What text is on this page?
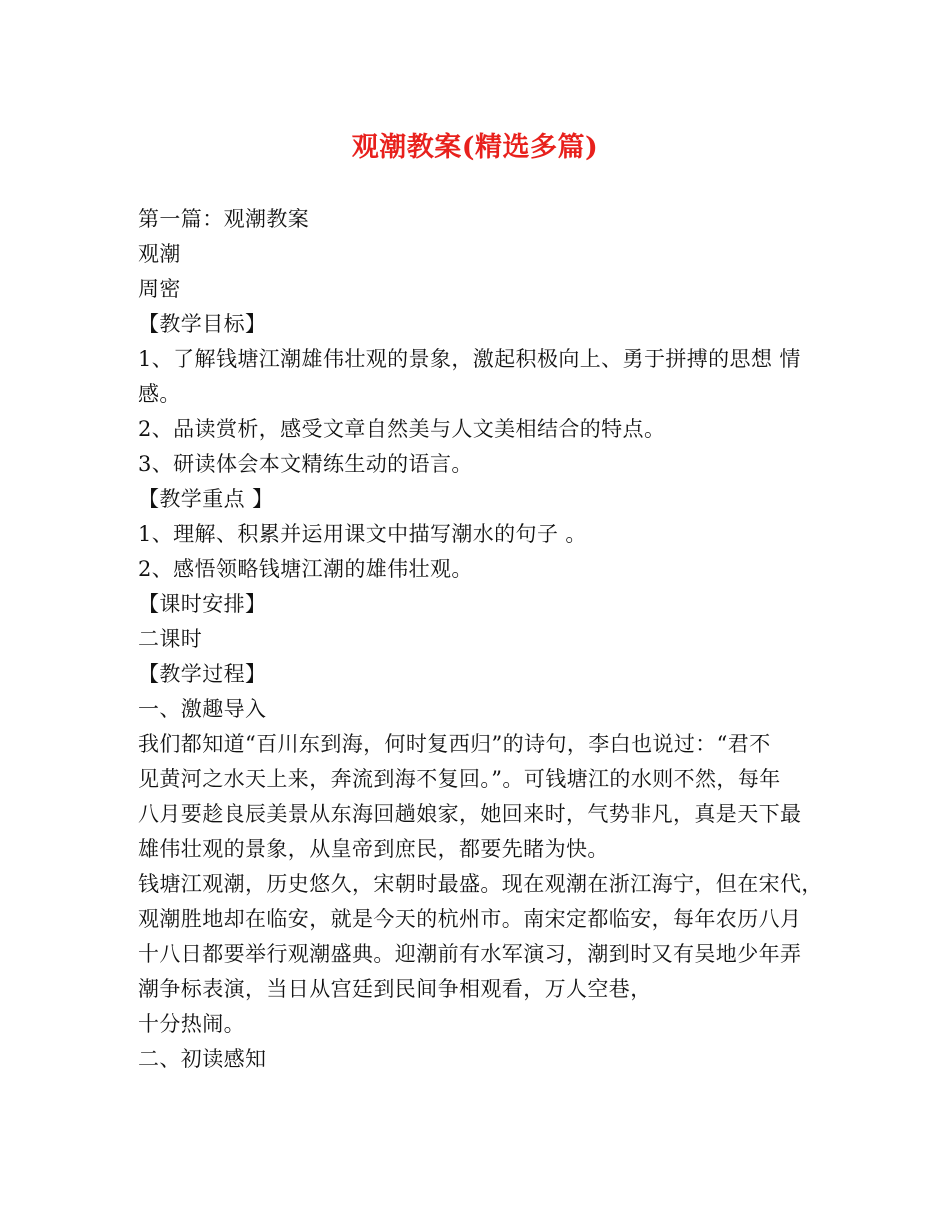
观潮教案(精选多篇)
第一篇：观潮教案
观潮
周密
【教学目标】
1、了解钱塘江潮雄伟壮观的景象，激起积极向上、勇于拼搏的思想 情
感。
2、品读赏析，感受文章自然美与人文美相结合的特点。
3、研读体会本文精练生动的语言。
【教学重点 】
1、理解、积累并运用课文中描写潮水的句子 。
2、感悟领略钱塘江潮的雄伟壮观。
【课时安排】
二课时
【教学过程】
一、激趣导入
我们都知道“百川东到海，何时复西归”的诗句，李白也说过：“君不
见黄河之水天上来，奔流到海不复回。”。可钱塘江的水则不然，每年
八月要趁良辰美景从东海回趟娘家，她回来时，气势非凡，真是天下最
雄伟壮观的景象，从皇帝到庶民，都要先睹为快。
钱塘江观潮，历史悠久，宋朝时最盛。现在观潮在浙江海宁，但在宋代，
观潮胜地却在临安，就是今天的杭州市。南宋定都临安，每年农历八月
十八日都要举行观潮盛典。迎潮前有水军演习，潮到时又有吴地少年弄
潮争标表演，当日从宫廷到民间争相观看，万人空巷，
十分热闹。
二、初读感知
